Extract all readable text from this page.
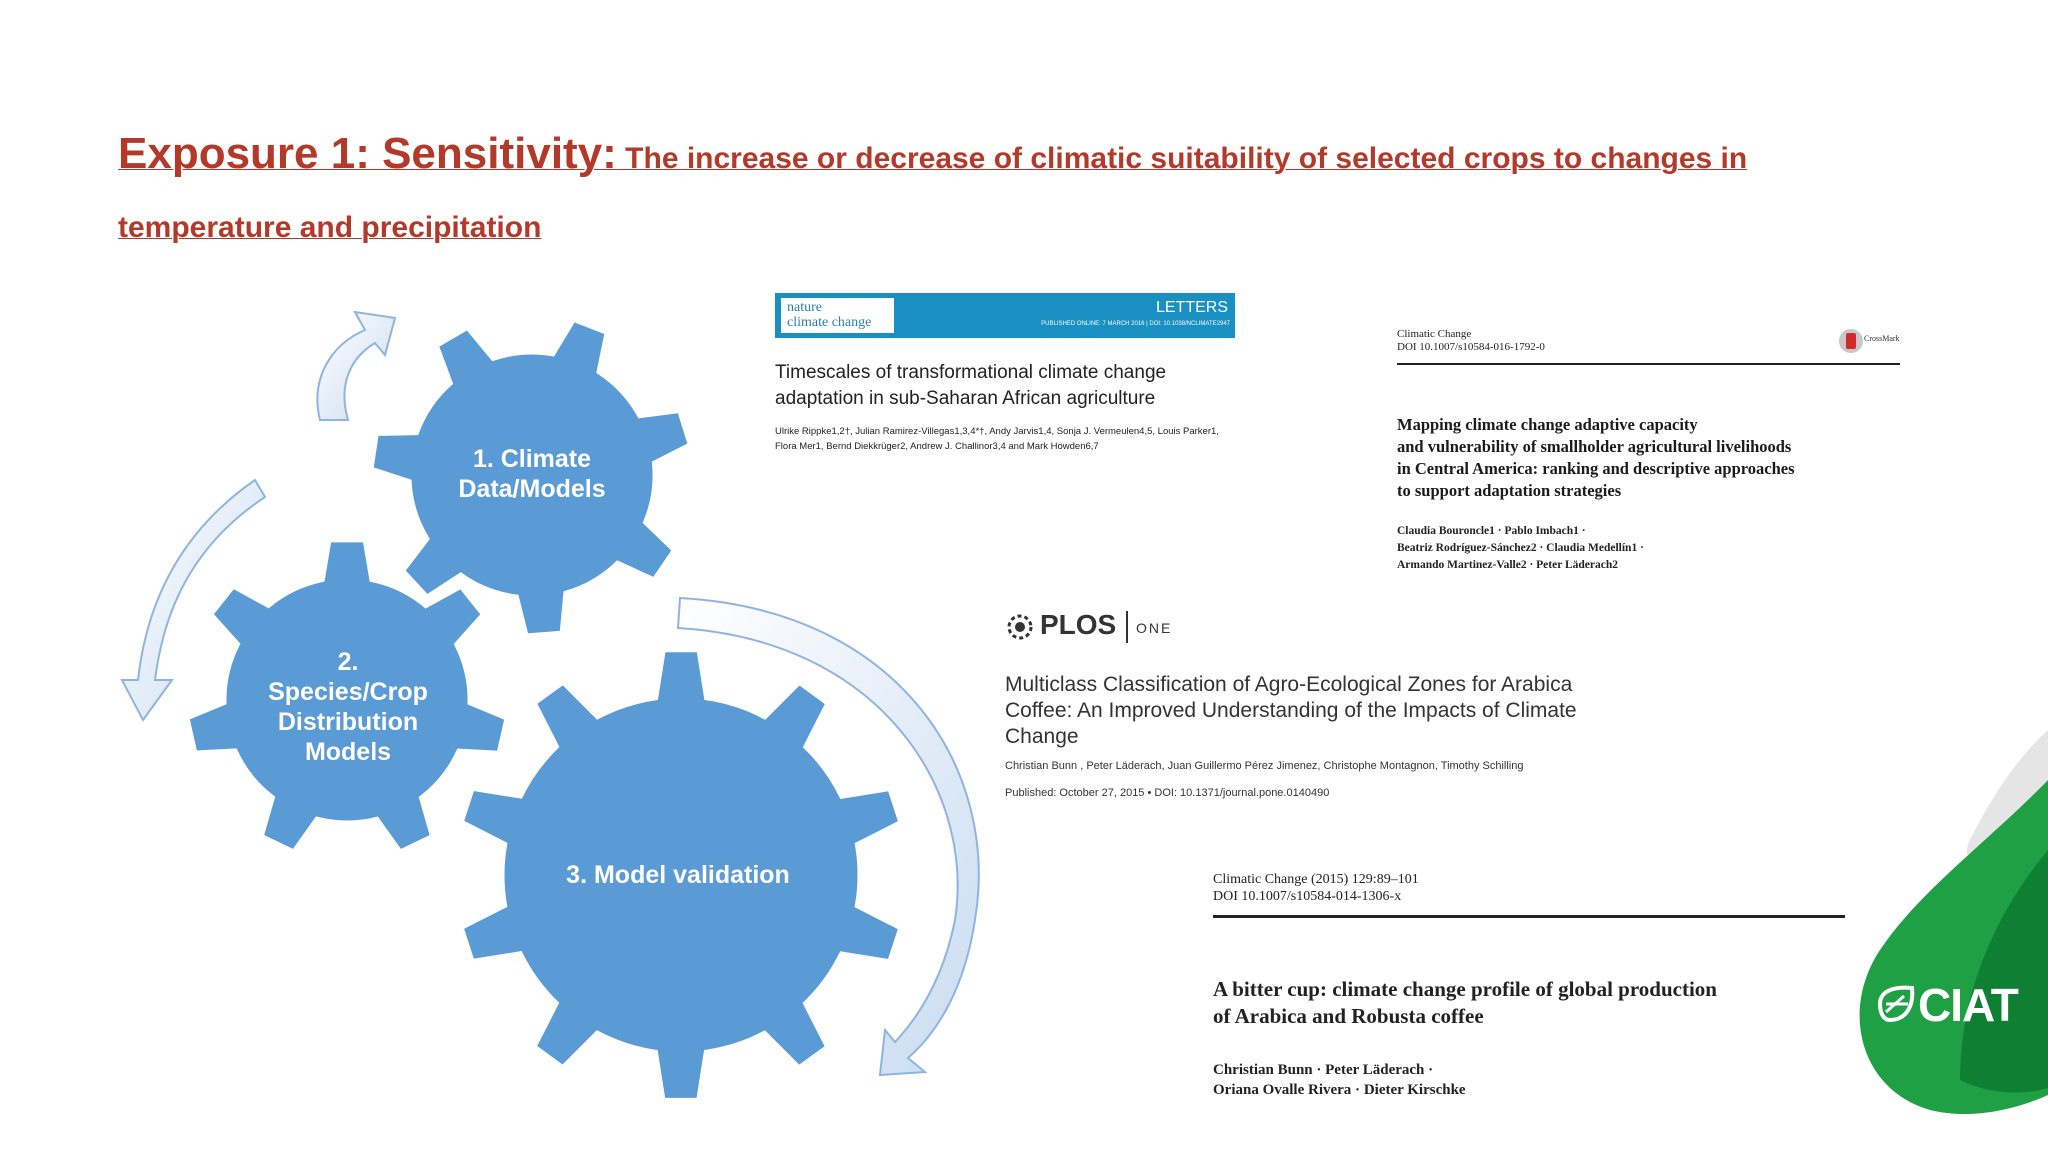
Exposure 1: Sensitivity: The increase or decrease of climatic suitability of selected crops to changes in temperature and precipitation
1. Climate
Data/Models
2.
Species/Crop
Distribution
Models
3. Model validation
nature
climate change
LETTERS
PUBLISHED ONLINE: 7 MARCH 2016 | DOI: 10.1038/NCLIMATE2947
Timescales of transformational climate change
adaptation in sub-Saharan African agriculture
Ulrike Rippke1,2†, Julian Ramirez-Villegas1,3,4*†, Andy Jarvis1,4, Sonja J. Vermeulen4,5, Louis Parker1,
Flora Mer1, Bernd Diekkrüger2, Andrew J. Challinor3,4 and Mark Howden6,7
Climatic Change
DOI 10.1007/s10584-016-1792-0
CrossMark
Mapping climate change adaptive capacity
and vulnerability of smallholder agricultural livelihoods
in Central America: ranking and descriptive approaches
to support adaptation strategies
Claudia Bouroncle1 · Pablo Imbach1 ·
Beatriz Rodríguez-Sánchez2 · Claudia Medellín1 ·
Armando Martinez-Valle2 · Peter Läderach2
PLOS ONE
Multiclass Classification of Agro-Ecological Zones for Arabica
Coffee: An Improved Understanding of the Impacts of Climate
Change
Christian Bunn , Peter Läderach, Juan Guillermo Pérez Jimenez, Christophe Montagnon, Timothy Schilling
Published: October 27, 2015 • DOI: 10.1371/journal.pone.0140490
Climatic Change (2015) 129:89–101
DOI 10.1007/s10584-014-1306-x
A bitter cup: climate change profile of global production
of Arabica and Robusta coffee
Christian Bunn · Peter Läderach ·
Oriana Ovalle Rivera · Dieter Kirschke
CIAT
